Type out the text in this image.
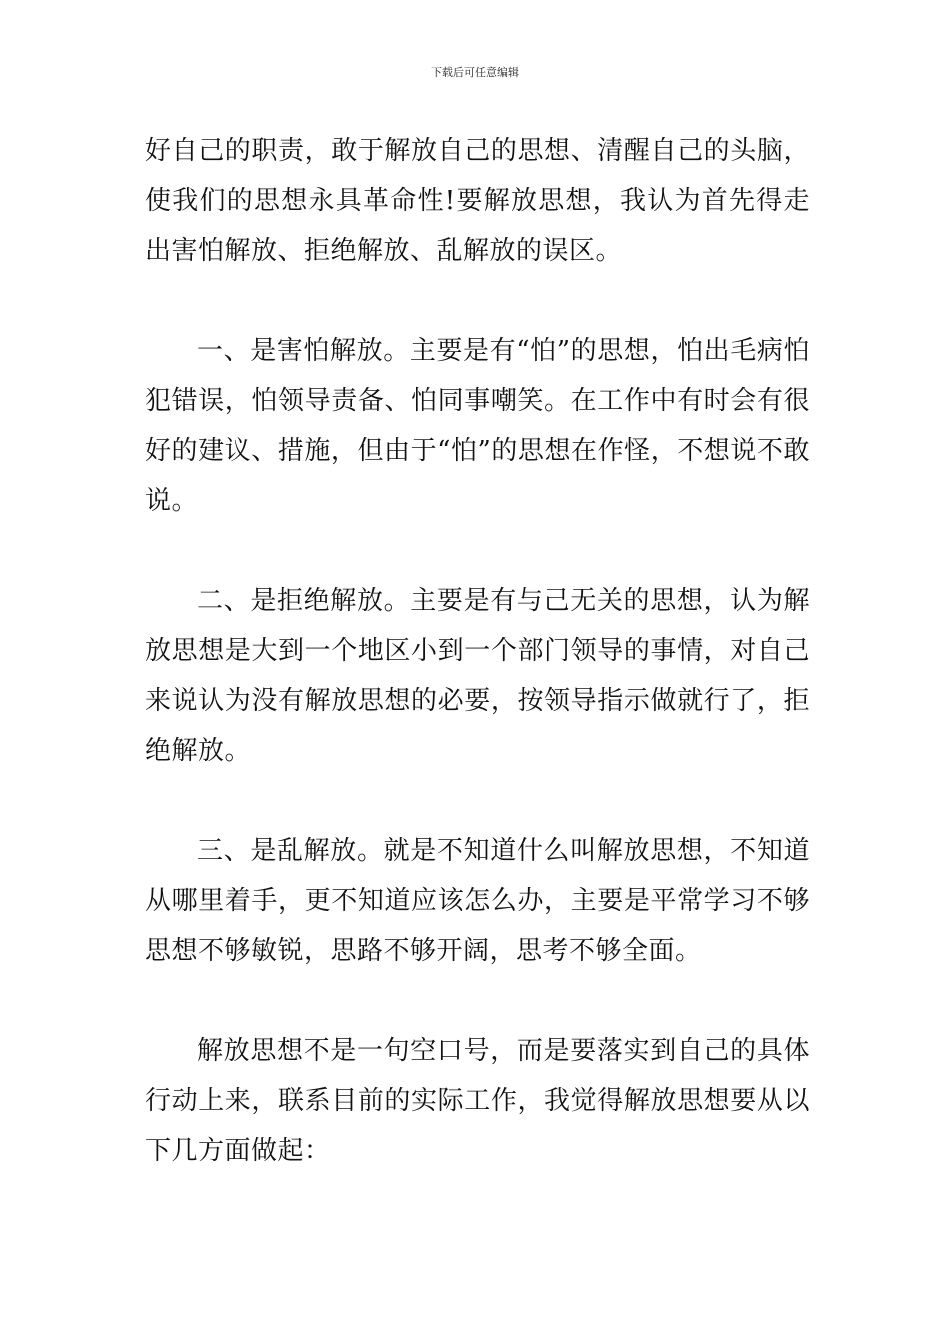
下载后可任意编辑

好自己的职责，敢于解放自己的思想、清醒自己的头脑，使我们的思想永具革命性!要解放思想，我认为首先得走出害怕解放、拒绝解放、乱解放的误区。

一、是害怕解放。主要是有“怕”的思想，怕出毛病怕犯错误，怕领导责备、怕同事嘲笑。在工作中有时会有很好的建议、措施，但由于“怕”的思想在作怪，不想说不敢说。

二、是拒绝解放。主要是有与己无关的思想，认为解放思想是大到一个地区小到一个部门领导的事情，对自己来说认为没有解放思想的必要，按领导指示做就行了，拒绝解放。

三、是乱解放。就是不知道什么叫解放思想，不知道从哪里着手，更不知道应该怎么办，主要是平常学习不够思想不够敏锐，思路不够开阔，思考不够全面。

解放思想不是一句空口号，而是要落实到自己的具体行动上来，联系目前的实际工作，我觉得解放思想要从以下几方面做起：
